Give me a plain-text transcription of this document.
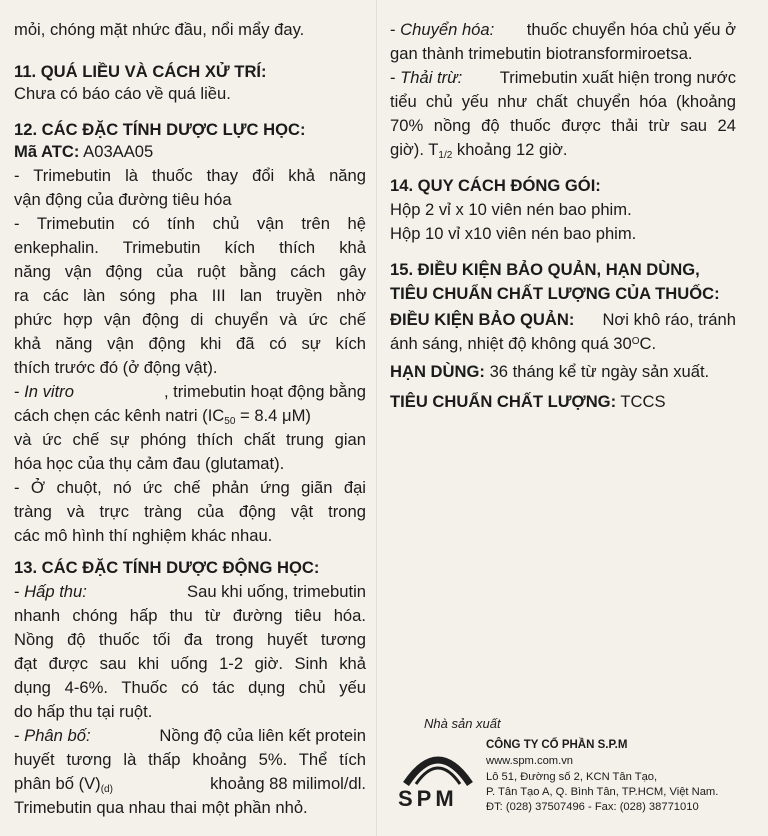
mỏi, chóng mặt nhức đầu, nổi mẩy đay.
11. QUÁ LIỀU VÀ CÁCH XỬ TRÍ:
Chưa có báo cáo về quá liều.
12. CÁC ĐẶC TÍNH DƯỢC LỰC HỌC:
Mã ATC: A03AA05
- Trimebutin là thuốc thay đổi khả năng
vận động của đường tiêu hóa
- Trimebutin có tính chủ vận trên hệ
enkephalin. Trimebutin kích thích khả
năng vận động của ruột bằng cách gây
ra các làn sóng pha III lan truyền nhờ
phức hợp vận động di chuyển và ức chế
khả năng vận động khi đã có sự kích
thích trước đó (ở động vật).
- In vitro	, trimebutin hoạt động bằng
cách chẹn các kênh natri ($IC_{50} = 8.4$ μM)
và ức chế sự phóng thích chất trung gian
hóa học của thụ cảm đau (glutamat).
- Ở chuột, nó ức chế phản ứng giãn đại
tràng và trực tràng của động vật trong
các mô hình thí nghiệm khác nhau.
13. CÁC ĐẶC TÍNH DƯỢC ĐỘNG HỌC:
- Hấp thu:	Sau khi uống, trimebutin
nhanh chóng hấp thu từ đường tiêu hóa.
Nồng độ thuốc tối đa trong huyết tương
đạt được sau khi uống 1-2 giờ. Sinh khả
dụng 4-6%. Thuốc có tác dụng chủ yếu
do hấp thu tại ruột.
- Phân bố:	Nồng độ của liên kết protein
huyết tương là thấp khoảng 5%. Thể tích
phân bố $(V)_{(d)}$	khoảng 88 milimol/dl.
Trimebutin qua nhau thai một phần nhỏ.
- Chuyển hóa: thuốc chuyển hóa chủ yếu ở
gan thành trimebutin biotransformiroetsa.
- Thải trừ: Trimebutin xuất hiện trong nước
tiểu chủ yếu như chất chuyển hóa (khoảng
70% nồng độ thuốc được thải trừ sau 24
giờ). $T_{1/2}$ khoảng 12 giờ.
14. QUY CÁCH ĐÓNG GÓI:
Hộp 2 vỉ x 10 viên nén bao phim.
Hộp 10 vỉ x10 viên nén bao phim.
15. ĐIỀU KIỆN BẢO QUẢN, HẠN DÙNG,
TIÊU CHUẨN CHẤT LƯỢNG CỦA THUỐC:
ĐIỀU KIỆN BẢO QUẢN: Nơi khô ráo, tránh
ánh sáng, nhiệt độ không quá $30^OC$.
HẠN DÙNG: 36 tháng kể từ ngày sản xuất.
TIÊU CHUẨN CHẤT LƯỢNG: TCCS
Nhà sản xuất
SPM
CÔNG TY CỔ PHẦN S.P.M
www.spm.com.vn
Lô 51, Đường số 2, KCN Tân Tạo,
P. Tân Tạo A, Q. Bình Tân, TP.HCM, Việt Nam.
ĐT: (028) 37507496 - Fax: (028) 38771010
